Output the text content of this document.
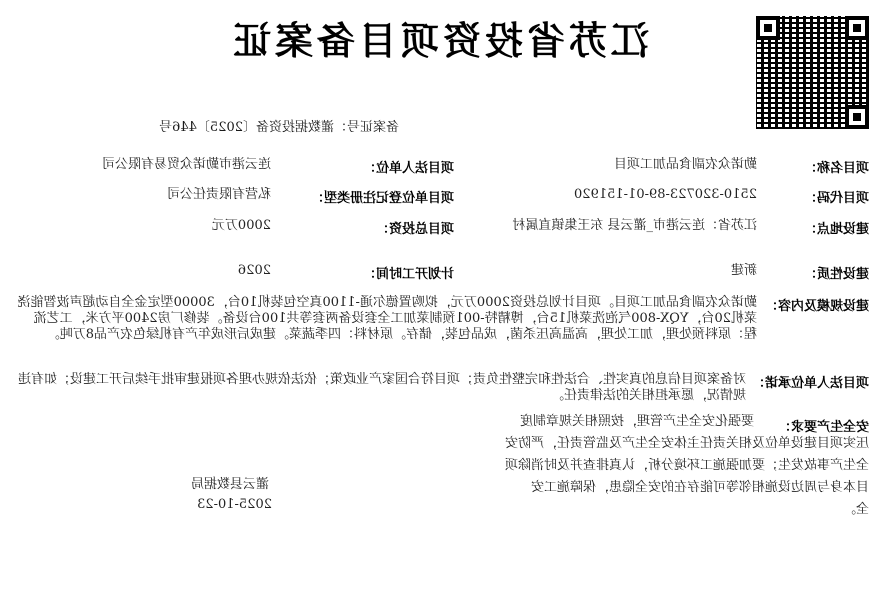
江苏省投资项目备案证
备案证号：灌数据投资备〔2025〕446号
项目名称：
勤诺众农副食品加工项目
项目法人单位：
连云港市勤诺众贸易有限公司
项目代码：
2510-320723-89-01-151920
项目单位登记注册类型：
私营有限责任公司
建设地点：
江苏省：连云港市_灌云县 东王集镇直属村
项目总投资：
2000万元
建设性质：
新建
计划开工时间：
2026
建设规模及内容：
勤诺众农副食品加工项目。项目计划总投资2000万元，拟购置德尔通-1100真空包装机10台，30000型定金全自动超声波智能浇菜机20台，YQX-800气泡洗菜机15台，博精特-001预制菜加工全套设备两套等共100台设备。装修厂房2400平方米，工艺流程：原料预处理，加工处理，高温高压杀菌，成品包装，储存。原材料：四季蔬菜。建成后形成年产有机绿色农产品8万吨。
项目法人单位承诺：
对备案项目信息的真实性、合法性和完整性负责；项目符合国家产业政策；依法依规办理各项报建审批手续后开工建设；如有违规情况，愿承担相关的法律责任。
安全生产要求：
要强化安全生产管理，按照相关规章制度
压实项目建设单位及相关责任主体安全生产及监管责任，严防安
全生产事故发生；要加强施工环境分析，认真排查并及时消除项
目本身与周边设施相邻等可能存在的安全隐患，保障施工安
全。
灌云县数据局
2025-10-23
